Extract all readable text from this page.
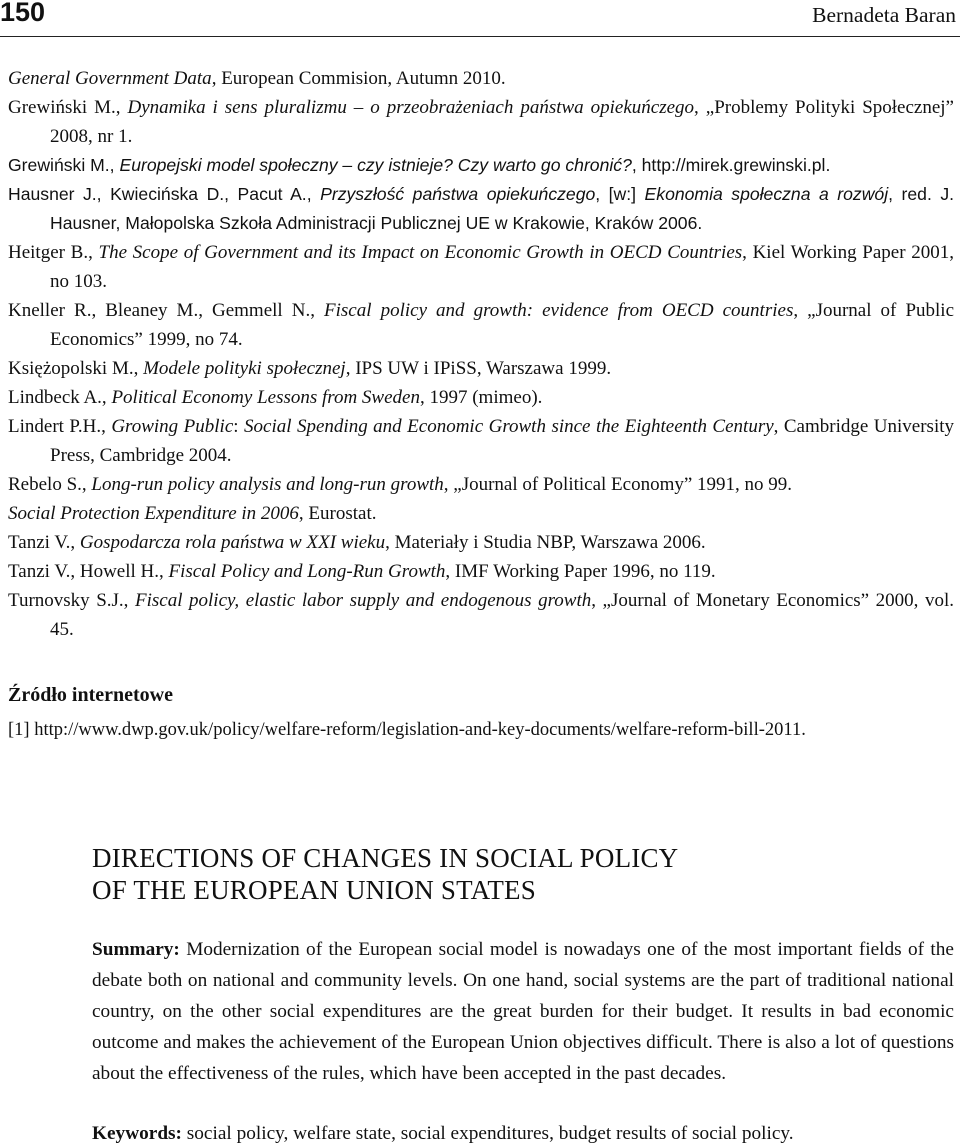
150	Bernadeta Baran

General Government Data, European Commision, Autumn 2010.

Grewiński M., Dynamika i sens pluralizmu – o przeobrażeniach państwa opiekuńczego, „Problemy Polityki Społecznej” 2008, nr 1.

Grewiński M., Europejski model społeczny – czy istnieje? Czy warto go chronić?, http://mirek.grewinski.pl.

Hausner J., Kwiecińska D., Pacut A., Przyszłość państwa opiekuńczego, [w:] Ekonomia społeczna a rozwój, red. J. Hausner, Małopolska Szkoła Administracji Publicznej UE w Krakowie, Kraków 2006.

Heitger B., The Scope of Government and its Impact on Economic Growth in OECD Countries, Kiel Working Paper 2001, no 103.

Kneller R., Bleaney M., Gemmell N., Fiscal policy and growth: evidence from OECD countries, „Journal of Public Economics” 1999, no 74.

Księżopolski M., Modele polityki społecznej, IPS UW i IPiSS, Warszawa 1999.

Lindbeck A., Political Economy Lessons from Sweden, 1997 (mimeo).

Lindert P.H., Growing Public: Social Spending and Economic Growth since the Eighteenth Century, Cambridge University Press, Cambridge 2004.

Rebelo S., Long-run policy analysis and long-run growth, „Journal of Political Economy” 1991, no 99.

Social Protection Expenditure in 2006, Eurostat.

Tanzi V., Gospodarcza rola państwa w XXI wieku, Materiały i Studia NBP, Warszawa 2006.

Tanzi V., Howell H., Fiscal Policy and Long-Run Growth, IMF Working Paper 1996, no 119.

Turnovsky S.J., Fiscal policy, elastic labor supply and endogenous growth, „Journal of Monetary Economics” 2000, vol. 45.

Źródło internetowe
[1] http://www.dwp.gov.uk/policy/welfare-reform/legislation-and-key-documents/welfare-reform-bill-2011.
DIRECTIONS OF CHANGES IN SOCIAL POLICY
OF THE EUROPEAN UNION STATES

Summary: Modernization of the European social model is nowadays one of the most important fields of the debate both on national and community levels. On one hand, social systems are the part of traditional national country, on the other social expenditures are the great burden for their budget. It results in bad economic outcome and makes the achievement of the European Union objectives difficult. There is also a lot of questions about the effectiveness of the rules, which have been accepted in the past decades.

Keywords: social policy, welfare state, social expenditures, budget results of social policy.
